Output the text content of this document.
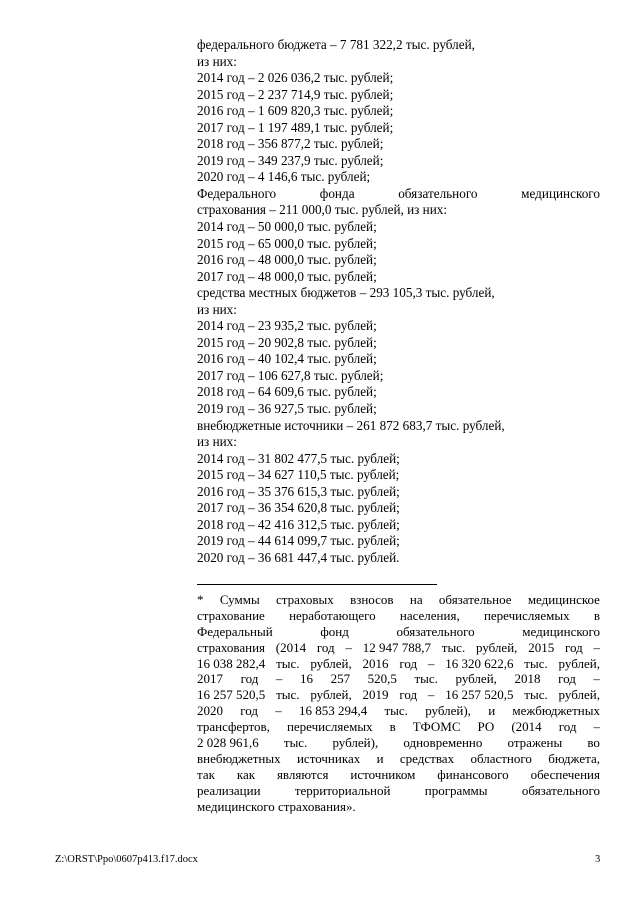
федерального бюджета – 7 781 322,2 тыс. рублей,
из них:
2014 год – 2 026 036,2 тыс. рублей;
2015 год – 2 237 714,9 тыс. рублей;
2016 год – 1 609 820,3 тыс. рублей;
2017 год – 1 197 489,1 тыс. рублей;
2018 год – 356 877,2 тыс. рублей;
2019 год – 349 237,9 тыс. рублей;
2020 год – 4 146,6 тыс. рублей;
Федерального	фонда	обязательного	медицинского
страхования – 211 000,0 тыс. рублей, из них:
2014 год – 50 000,0 тыс. рублей;
2015 год – 65 000,0 тыс. рублей;
2016 год – 48 000,0 тыс. рублей;
2017 год – 48 000,0 тыс. рублей;
средства местных бюджетов – 293 105,3 тыс. рублей,
из них:
2014 год – 23 935,2 тыс. рублей;
2015 год – 20 902,8 тыс. рублей;
2016 год – 40 102,4 тыс. рублей;
2017 год – 106 627,8 тыс. рублей;
2018 год – 64 609,6 тыс. рублей;
2019 год – 36 927,5 тыс. рублей;
внебюджетные источники – 261 872 683,7 тыс. рублей,
из них:
2014 год – 31 802 477,5 тыс. рублей;
2015 год – 34 627 110,5 тыс. рублей;
2016 год – 35 376 615,3 тыс. рублей;
2017 год – 36 354 620,8 тыс. рублей;
2018 год – 42 416 312,5 тыс. рублей;
2019 год – 44 614 099,7 тыс. рублей;
2020 год – 36 681 447,4 тыс. рублей.
* Суммы страховых взносов на обязательное медицинское
страхование неработающего населения, перечисляемых в
Федеральный	фонд	обязательного	медицинского
страхования (2014 год – 12 947 788,7 тыс. рублей, 2015 год –
16 038 282,4 тыс. рублей, 2016 год – 16 320 622,6 тыс. рублей,
2017 год – 16 257 520,5 тыс. рублей, 2018 год –
16 257 520,5 тыс. рублей, 2019 год – 16 257 520,5 тыс. рублей,
2020 год – 16 853 294,4 тыс. рублей), и межбюджетных
трансфертов, перечисляемых в ТФОМС РО (2014 год –
2 028 961,6 тыс. рублей), одновременно отражены во
внебюджетных источниках и средствах областного бюджета,
так как являются источником финансового обеспечения
реализации	территориальной	программы	обязательного
медицинского страхования».
Z:\ORST\Ppo\0607p413.f17.docx	3
